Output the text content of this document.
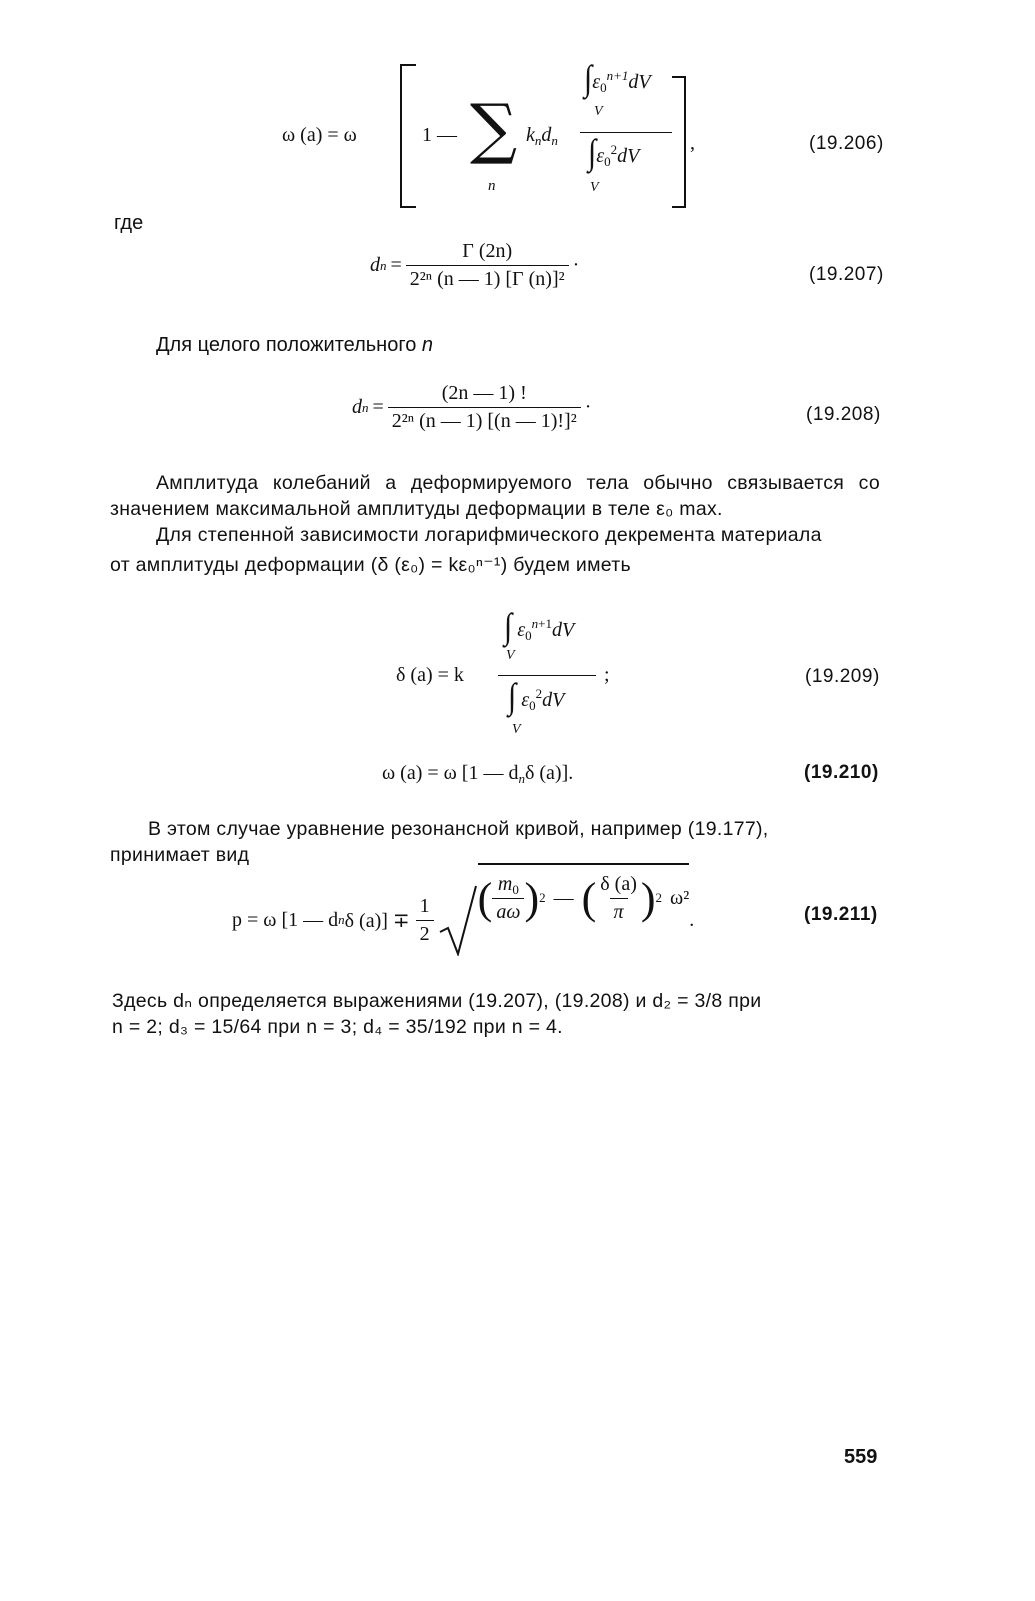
ω (a) = ω	1 — ∑
n
$k_nd_n$
$\int\varepsilon_0^{n+1}dV$
V
$\int\varepsilon_0^2dV$
V
,	(19.206)
где
d $n = \frac{\Gamma (2n)}{\text{2²ⁿ (n — 1) [Γ (n)]²}}$ ·	(19.207)
Для целого положительного n
d $n = \frac{(2n — 1) !}{\text{2²ⁿ (n — 1) [(n — 1)!]²}}$ ·	(19.208)
Амплитуда колебаний a деформируемого тела обычно связывается со значением максимальной амплитуды деформации в теле ε₀ max.
Для степенной зависимости логарифмического декремента материала
от амплитуды деформации (δ (ε₀) = kε₀ⁿ⁻¹) будем иметь
δ (a) = k
∫ $\varepsilon_0^{n+1}dV$
V
∫ $\varepsilon_0^2dV$
V
;	(19.209)
ω (a) = ω [1 — $d_n\delta$ (a)].	(19.210)
В этом случае уравнение резонансной кривой, например (19.177),
принимает вид
p = ω [1 — d n δ $(a)] \mp \frac{1}{2}$ ( $\frac{m_0}{a\omega}$ ) 2 — ( $\frac{\delta (a)}{\pi}$ ) 2 ω²
.	(19.211)
Здесь dₙ определяется выражениями (19.207), (19.208) и d₂ = 3/8 при
n = 2; d₃ = 15/64 при n = 3; d₄ = 35/192 при n = 4.
559
